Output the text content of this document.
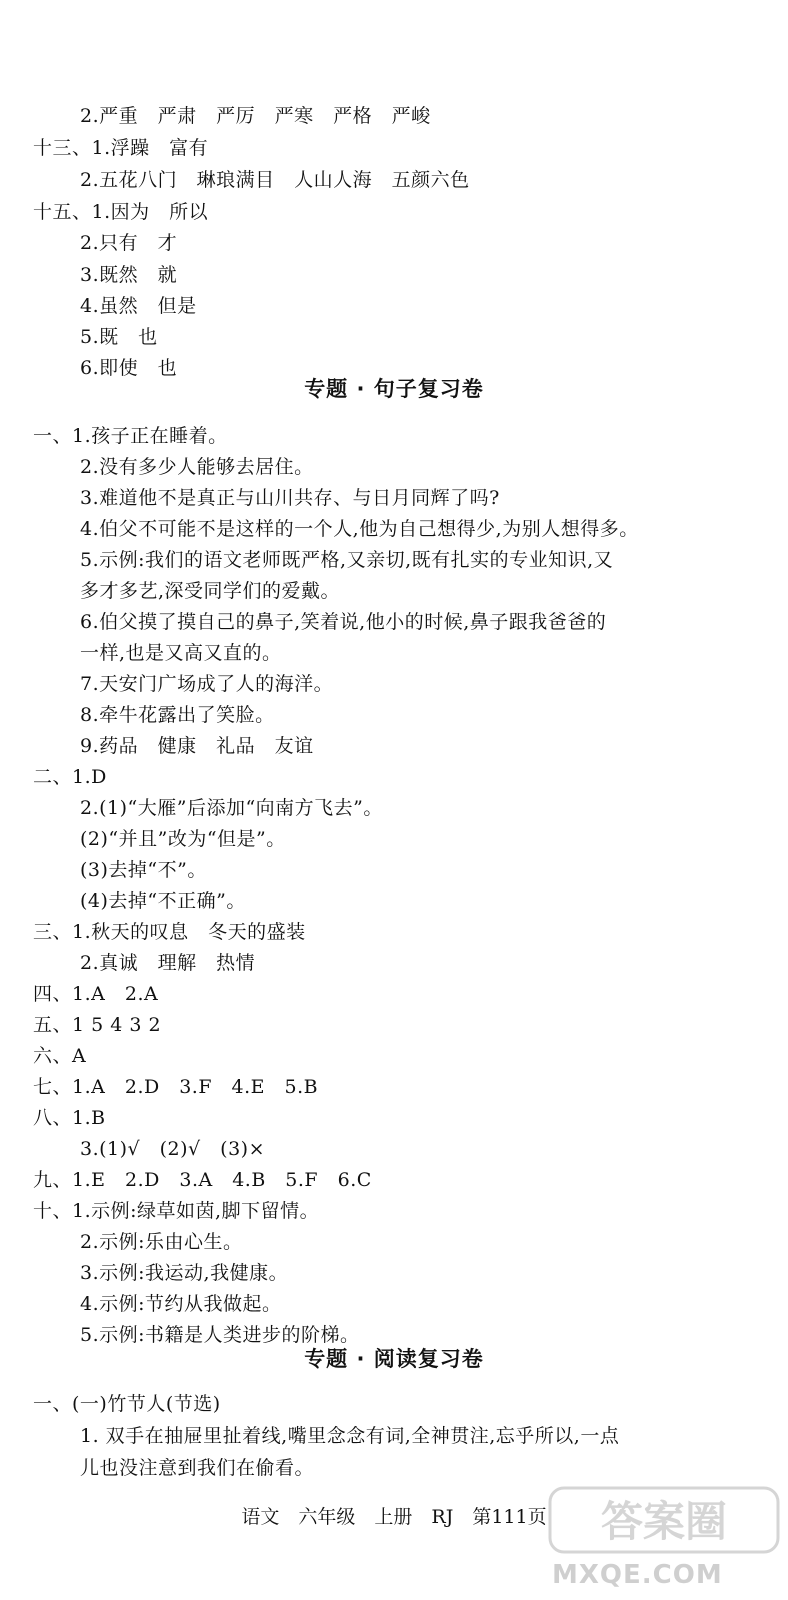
2.严重　严肃　严厉　严寒　严格　严峻
十三、1.浮躁　富有
2.五花八门　琳琅满目　人山人海　五颜六色
十五、1.因为　所以
2.只有　才
3.既然　就
4.虽然　但是
5.既　也
6.即使　也
专题 · 句子复习卷
一、1.孩子正在睡着。
2.没有多少人能够去居住。
3.难道他不是真正与山川共存、与日月同辉了吗?
4.伯父不可能不是这样的一个人,他为自己想得少,为别人想得多。
5.示例:我们的语文老师既严格,又亲切,既有扎实的专业知识,又
多才多艺,深受同学们的爱戴。
6.伯父摸了摸自己的鼻子,笑着说,他小的时候,鼻子跟我爸爸的
一样,也是又高又直的。
7.天安门广场成了人的海洋。
8.牵牛花露出了笑脸。
9.药品　健康　礼品　友谊
二、1.D
2.(1)“大雁”后添加“向南方飞去”。
(2)“并且”改为“但是”。
(3)去掉“不”。
(4)去掉“不正确”。
三、1.秋天的叹息　冬天的盛装
2.真诚　理解　热情
四、1.A　2.A
五、1 5 4 3 2
六、A
七、1.A　2.D　3.F　4.E　5.B
八、1.B
3.(1)√　(2)√　(3)×
九、1.E　2.D　3.A　4.B　5.F　6.C
十、1.示例:绿草如茵,脚下留情。
2.示例:乐由心生。
3.示例:我运动,我健康。
4.示例:节约从我做起。
5.示例:书籍是人类进步的阶梯。
专题 · 阅读复习卷
一、(一)竹节人(节选)
1. 双手在抽屉里扯着线,嘴里念念有词,全神贯注,忘乎所以,一点
儿也没注意到我们在偷看。
语文　六年级　上册　RJ　第111页	答案圈
MXQE.COM
